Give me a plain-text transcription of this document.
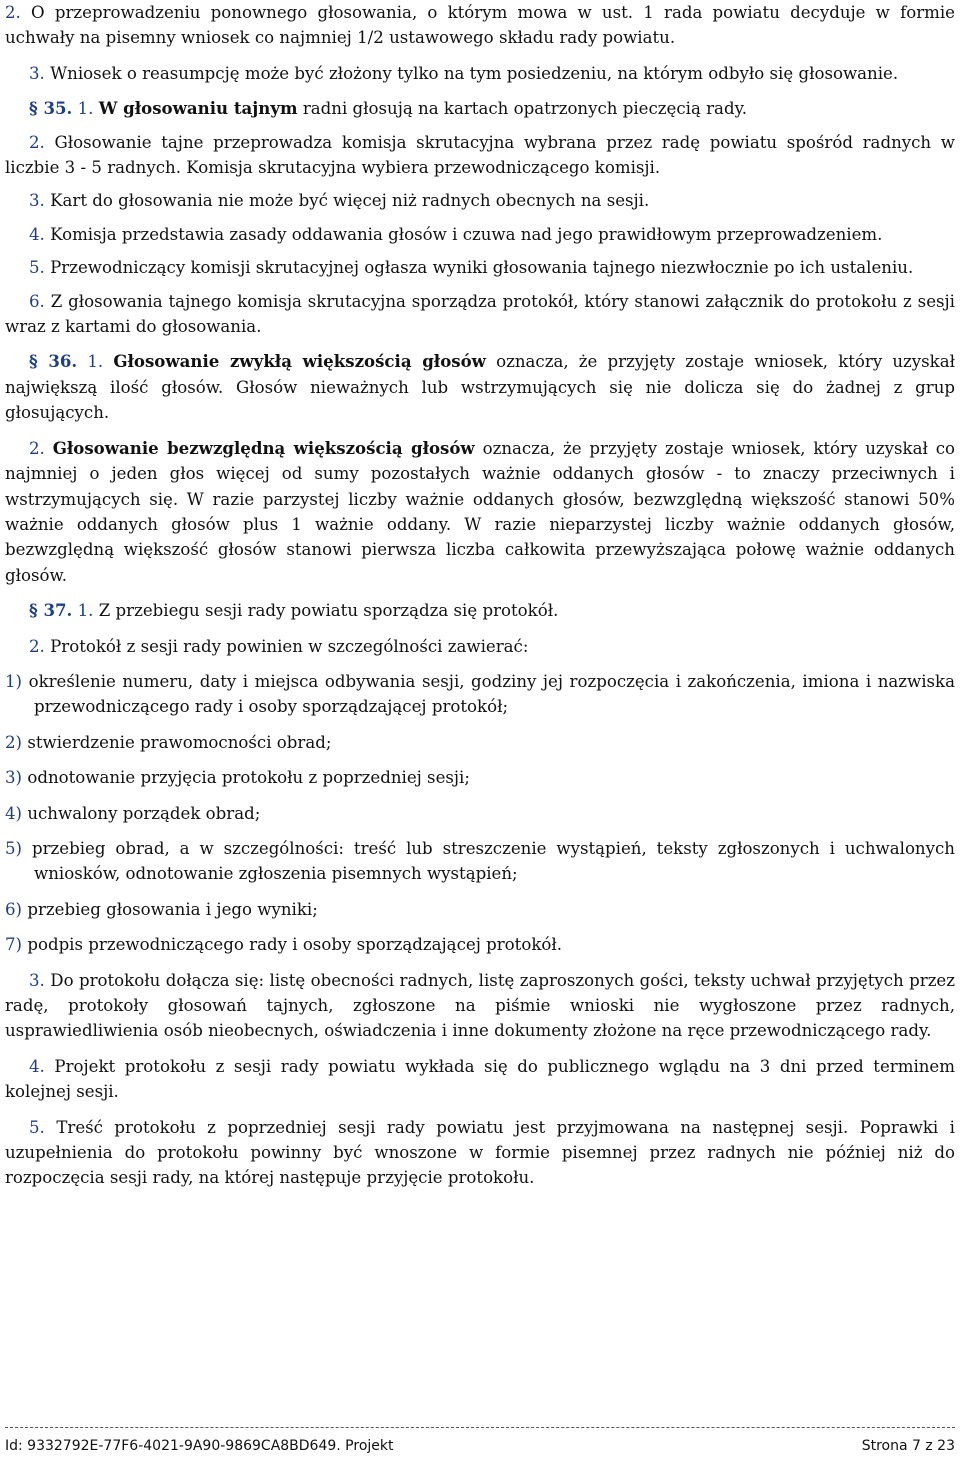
2. O przeprowadzeniu ponownego głosowania, o którym mowa w ust. 1 rada powiatu decyduje w formie uchwały na pisemny wniosek co najmniej 1/2 ustawowego składu rady powiatu.

3. Wniosek o reasumpcję może być złożony tylko na tym posiedzeniu, na którym odbyło się głosowanie.

§ 35. 1. W głosowaniu tajnym radni głosują na kartach opatrzonych pieczęcią rady.

2. Głosowanie tajne przeprowadza komisja skrutacyjna wybrana przez radę powiatu spośród radnych w liczbie 3 - 5 radnych. Komisja skrutacyjna wybiera przewodniczącego komisji.

3. Kart do głosowania nie może być więcej niż radnych obecnych na sesji.

4. Komisja przedstawia zasady oddawania głosów i czuwa nad jego prawidłowym przeprowadzeniem.

5. Przewodniczący komisji skrutacyjnej ogłasza wyniki głosowania tajnego niezwłocznie po ich ustaleniu.

6. Z głosowania tajnego komisja skrutacyjna sporządza protokół, który stanowi załącznik do protokołu z sesji wraz z kartami do głosowania.

§ 36. 1. Głosowanie zwykłą większością głosów oznacza, że przyjęty zostaje wniosek, który uzyskał największą ilość głosów. Głosów nieważnych lub wstrzymujących się nie dolicza się do żadnej z grup głosujących.

2. Głosowanie bezwzględną większością głosów oznacza, że przyjęty zostaje wniosek, który uzyskał co najmniej o jeden głos więcej od sumy pozostałych ważnie oddanych głosów - to znaczy przeciwnych i wstrzymujących się. W razie parzystej liczby ważnie oddanych głosów, bezwzględną większość stanowi 50% ważnie oddanych głosów plus 1 ważnie oddany. W razie nieparzystej liczby ważnie oddanych głosów, bezwzględną większość głosów stanowi pierwsza liczba całkowita przewyższająca połowę ważnie oddanych głosów.

§ 37. 1. Z przebiegu sesji rady powiatu sporządza się protokół.

2. Protokół z sesji rady powinien w szczególności zawierać:

1) określenie numeru, daty i miejsca odbywania sesji, godziny jej rozpoczęcia i zakończenia, imiona i nazwiska przewodniczącego rady i osoby sporządzającej protokół;

2) stwierdzenie prawomocności obrad;

3) odnotowanie przyjęcia protokołu z poprzedniej sesji;

4) uchwalony porządek obrad;

5) przebieg obrad, a w szczególności: treść lub streszczenie wystąpień, teksty zgłoszonych i uchwalonych wniosków, odnotowanie zgłoszenia pisemnych wystąpień;

6) przebieg głosowania i jego wyniki;

7) podpis przewodniczącego rady i osoby sporządzającej protokół.

3. Do protokołu dołącza się: listę obecności radnych, listę zaproszonych gości, teksty uchwał przyjętych przez radę, protokoły głosowań tajnych, zgłoszone na piśmie wnioski nie wygłoszone przez radnych, usprawiedliwienia osób nieobecnych, oświadczenia i inne dokumenty złożone na ręce przewodniczącego rady.

4. Projekt protokołu z sesji rady powiatu wykłada się do publicznego wglądu na 3 dni przed terminem kolejnej sesji.

5. Treść protokołu z poprzedniej sesji rady powiatu jest przyjmowana na następnej sesji. Poprawki i uzupełnienia do protokołu powinny być wnoszone w formie pisemnej przez radnych nie później niż do rozpoczęcia sesji rady, na której następuje przyjęcie protokołu.

Id: 9332792E-77F6-4021-9A90-9869CA8BD649. Projekt	Strona 7 z 23
